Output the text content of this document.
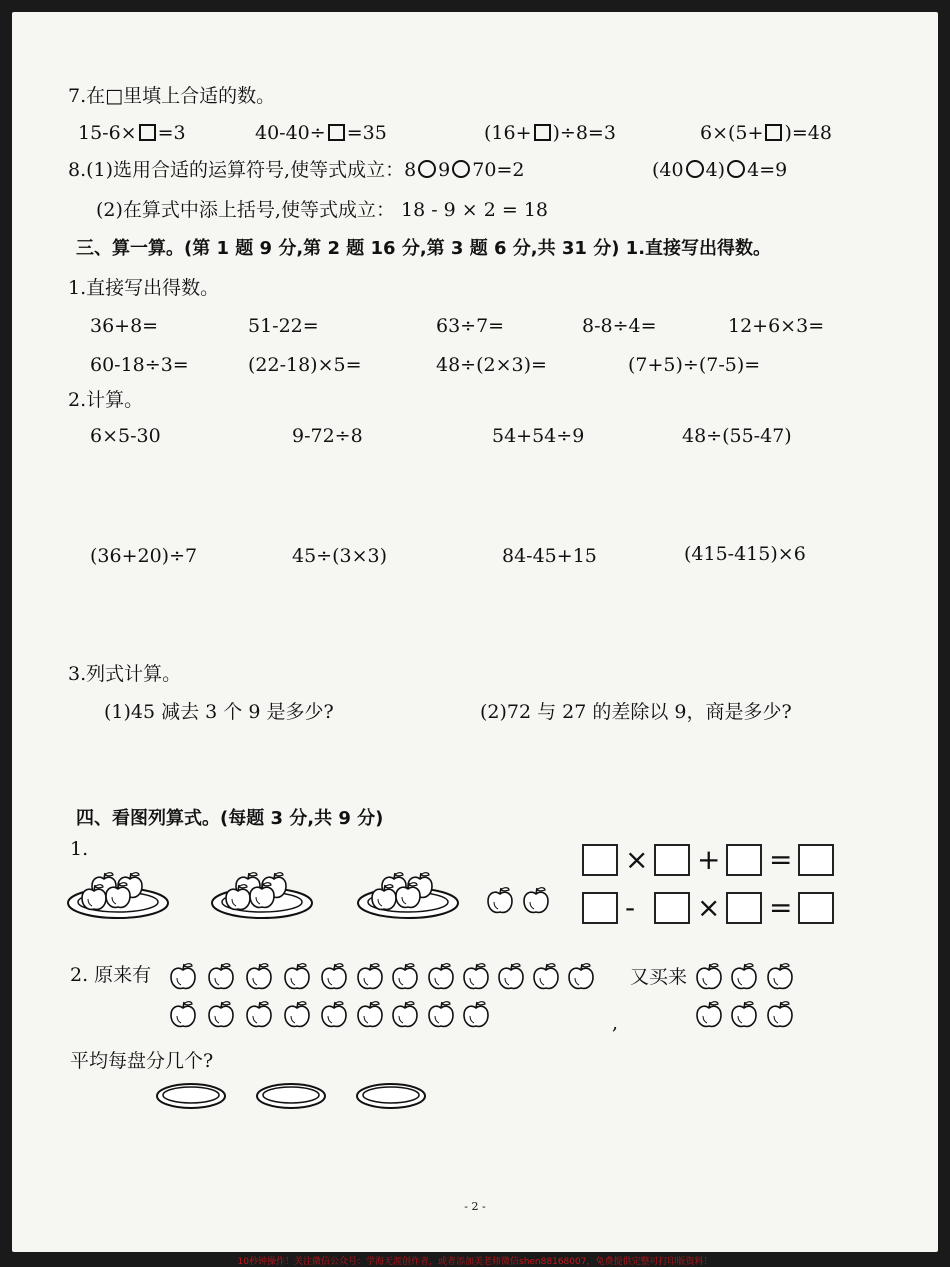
7.在□里填上合适的数。
15-6× =3	40-40÷ =35	(16+ )÷8=3	6×(5+ )=48
8.(1)选用合适的运算符号,使等式成立：8 9 70=2	(40 4) 4=9
(2)在算式中添上括号,使等式成立： 18 - 9 × 2 = 18
三、算一算。(第 1 题 9 分,第 2 题 16 分,第 3 题 6 分,共 31 分) 1.直接写出得数。
1.直接写出得数。
36+8=	51-22=	63÷7=	8-8÷4=	12+6×3=
60-18÷3=	(22-18)×5=	48÷(2×3)=	(7+5)÷(7-5)=
2.计算。
6×5-30	9-72÷8	54+54÷9	48÷(55-47)
(36+20)÷7	45÷(3×3)	84-45+15	(415-415)×6
3.列式计算。
(1)45 减去 3 个 9 是多少?	(2)72 与 27 的差除以 9，商是多少?
四、看图列算式。(每题 3 分,共 9 分)
1.	× + =
- × =
2. 原来有	又买来
,
平均每盘分几个?
- 2 -
10秒钟操作！关注微信公众号：学海无涯创作者，或者添加美老师微信shen88168007，免费提供完整可打印版资料！
